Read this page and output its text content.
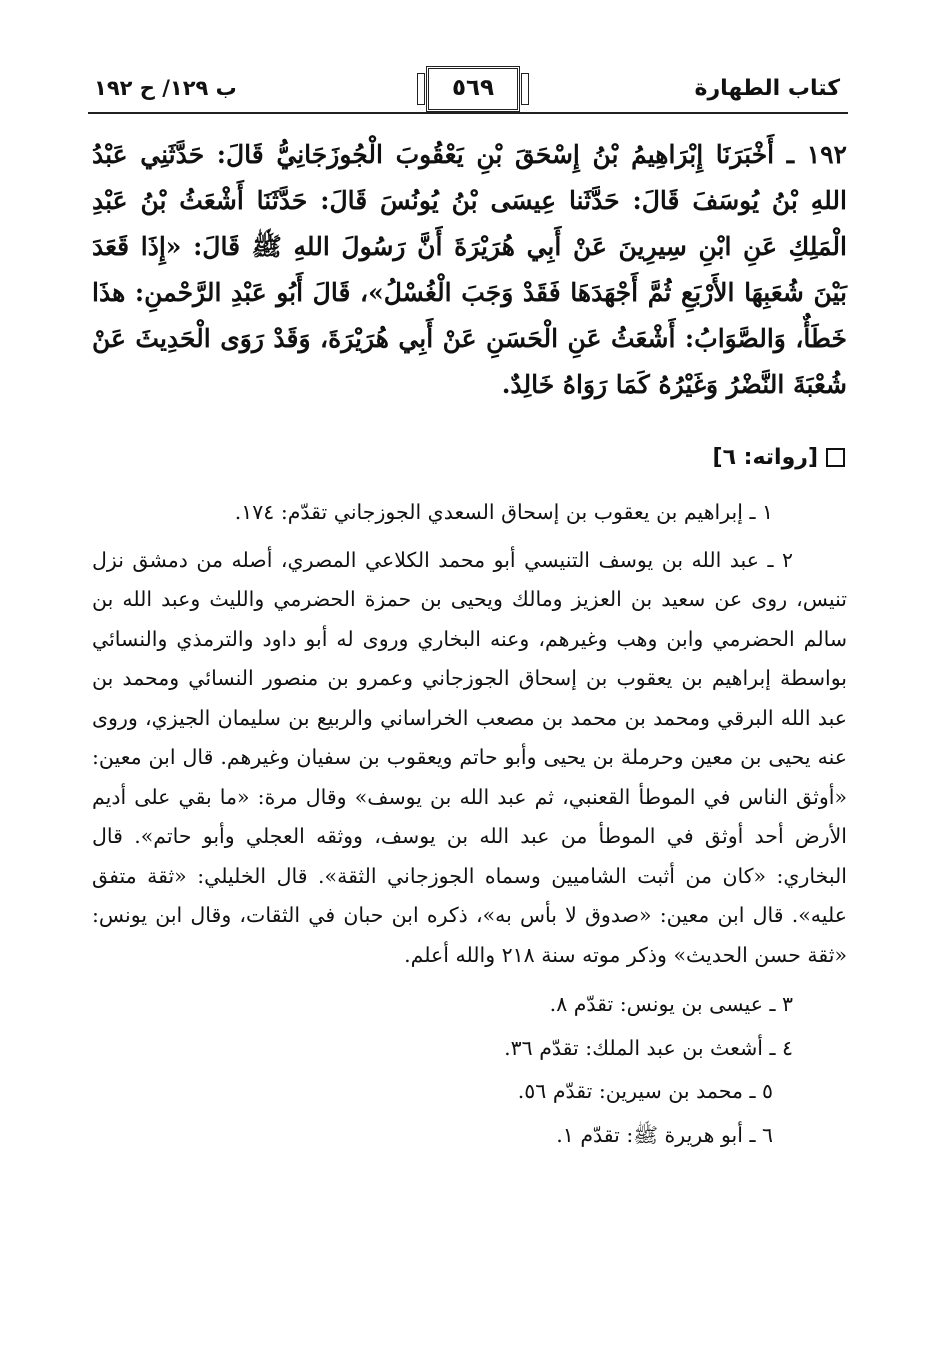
كتاب الطهارة
٥٦٩
ب ١٢٩/ ح ١٩٢
١٩٢ ـ أَخْبَرَنَا إِبْرَاهِيمُ بْنُ إِسْحَقَ بْنِ يَعْقُوبَ الْجُوزَجَانِيُّ قَالَ: حَدَّثَنِي عَبْدُ اللهِ بْنُ يُوسَفَ قَالَ: حَدَّثَنا عِيسَى بْنُ يُونُسَ قَالَ: حَدَّثَنَا أَشْعَثُ بْنُ عَبْدِ الْمَلِكِ عَنِ ابْنِ سِيرِينَ عَنْ أَبِي هُرَيْرَةَ أَنَّ رَسُولَ اللهِ ﷺ قَالَ: «إِذَا قَعَدَ بَيْنَ شُعَبِهَا الأَرْبَعِ ثُمَّ أَجْهَدَهَا فَقَدْ وَجَبَ الْغُسْلُ»، قَالَ أَبُو عَبْدِ الرَّحْمنِ: هذَا خَطَأٌ، وَالصَّوَابُ: أَشْعَثُ عَنِ الْحَسَنِ عَنْ أَبِي هُرَيْرَةَ، وَقَدْ رَوَى الْحَدِيثَ عَنْ شُعْبَةَ النَّضْرُ وَغَيْرُهُ كَمَا رَوَاهُ خَالِدٌ.
[رواته: ٦]
١ ـ إبراهيم بن يعقوب بن إسحاق السعدي الجوزجاني تقدّم: ١٧٤.
٢ ـ عبد الله بن يوسف التنيسي أبو محمد الكلاعي المصري، أصله من دمشق نزل تنيس، روى عن سعيد بن العزيز ومالك ويحيى بن حمزة الحضرمي والليث وعبد الله بن سالم الحضرمي وابن وهب وغيرهم، وعنه البخاري وروى له أبو داود والترمذي والنسائي بواسطة إبراهيم بن يعقوب بن إسحاق الجوزجاني وعمرو بن منصور النسائي ومحمد بن عبد الله البرقي ومحمد بن محمد بن مصعب الخراساني والربيع بن سليمان الجيزي، وروى عنه يحيى بن معين وحرملة بن يحيى وأبو حاتم ويعقوب بن سفيان وغيرهم. قال ابن معين: «أوثق الناس في الموطأ القعنبي، ثم عبد الله بن يوسف» وقال مرة: «ما بقي على أديم الأرض أحد أوثق في الموطأ من عبد الله بن يوسف، ووثقه العجلي وأبو حاتم». قال البخاري: «كان من أثبت الشاميين وسماه الجوزجاني الثقة». قال الخليلي: «ثقة متفق عليه». قال ابن معين: «صدوق لا بأس به»، ذكره ابن حبان في الثقات، وقال ابن يونس: «ثقة حسن الحديث» وذكر موته سنة ٢١٨ والله أعلم.
٣ ـ عيسى بن يونس: تقدّم ٨.
٤ ـ أشعث بن عبد الملك: تقدّم ٣٦.
٥ ـ محمد بن سيرين: تقدّم ٥٦.
٦ ـ أبو هريرة ﷺ: تقدّم ١.
